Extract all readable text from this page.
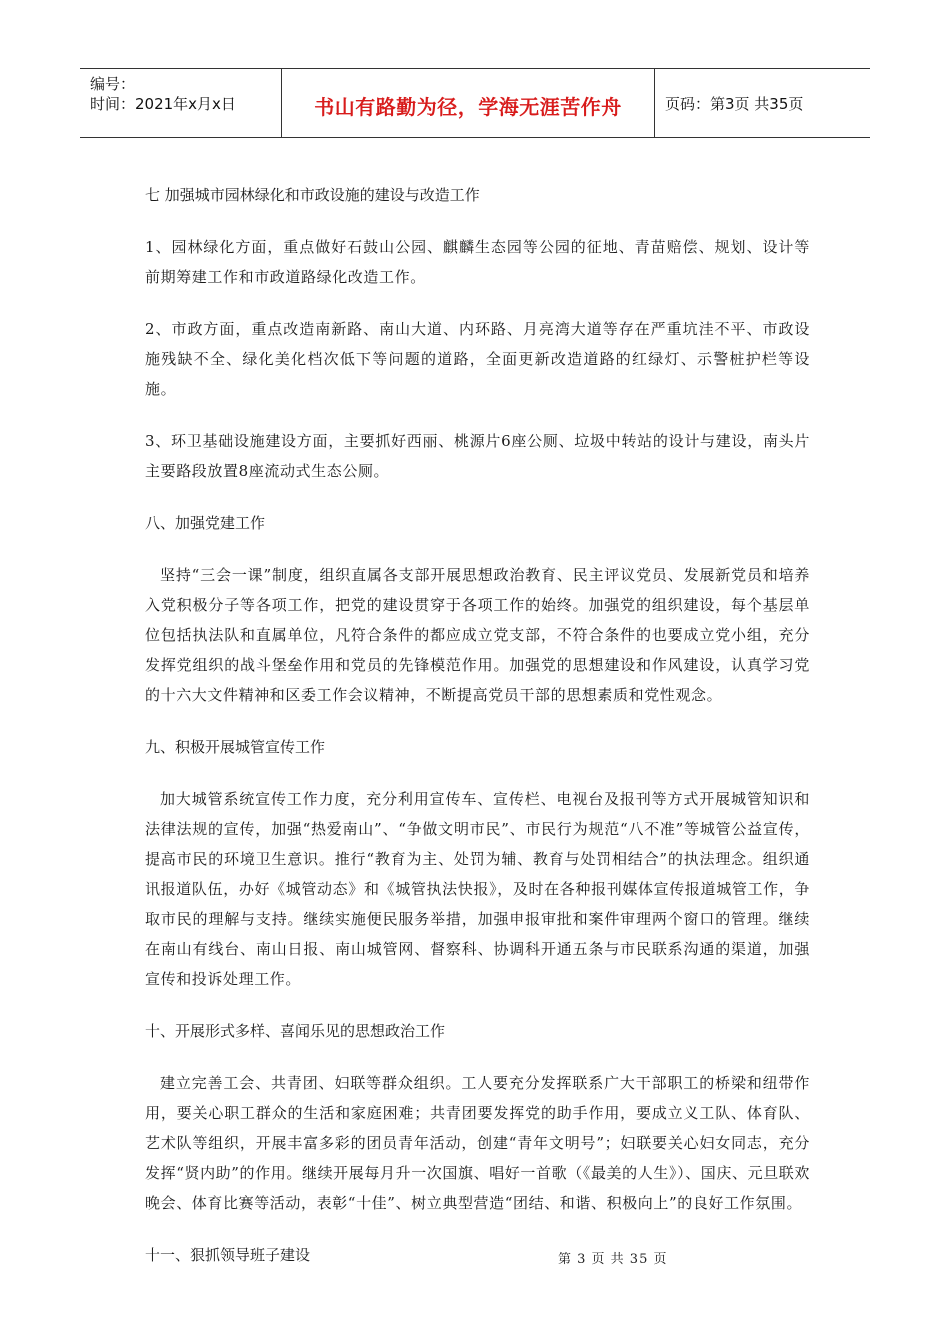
编号：
时间：2021年x月x日	书山有路勤为径，学海无涯苦作舟	页码：第3页 共35页
七 加强城市园林绿化和市政设施的建设与改造工作

1、园林绿化方面，重点做好石鼓山公园、麒麟生态园等公园的征地、青苗赔偿、规划、设计等前期筹建工作和市政道路绿化改造工作。

2、市政方面，重点改造南新路、南山大道、内环路、月亮湾大道等存在严重坑洼不平、市政设施残缺不全、绿化美化档次低下等问题的道路，全面更新改造道路的红绿灯、示警桩护栏等设施。

3、环卫基础设施建设方面，主要抓好西丽、桃源片6座公厕、垃圾中转站的设计与建设，南头片主要路段放置8座流动式生态公厕。

八、加强党建工作

坚持“三会一课”制度，组织直属各支部开展思想政治教育、民主评议党员、发展新党员和培养入党积极分子等各项工作，把党的建设贯穿于各项工作的始终。加强党的组织建设，每个基层单位包括执法队和直属单位，凡符合条件的都应成立党支部，不符合条件的也要成立党小组，充分发挥党组织的战斗堡垒作用和党员的先锋模范作用。加强党的思想建设和作风建设，认真学习党的十六大文件精神和区委工作会议精神，不断提高党员干部的思想素质和党性观念。

九、积极开展城管宣传工作

加大城管系统宣传工作力度，充分利用宣传车、宣传栏、电视台及报刊等方式开展城管知识和法律法规的宣传，加强“热爱南山”、“争做文明市民”、市民行为规范“八不准”等城管公益宣传，提高市民的环境卫生意识。推行“教育为主、处罚为辅、教育与处罚相结合”的执法理念。组织通讯报道队伍，办好《城管动态》和《城管执法快报》，及时在各种报刊媒体宣传报道城管工作，争取市民的理解与支持。继续实施便民服务举措，加强申报审批和案件审理两个窗口的管理。继续在南山有线台、南山日报、南山城管网、督察科、协调科开通五条与市民联系沟通的渠道，加强宣传和投诉处理工作。

十、开展形式多样、喜闻乐见的思想政治工作

建立完善工会、共青团、妇联等群众组织。工人要充分发挥联系广大干部职工的桥梁和纽带作用，要关心职工群众的生活和家庭困难；共青团要发挥党的助手作用，要成立义工队、体育队、艺术队等组织，开展丰富多彩的团员青年活动，创建“青年文明号”；妇联要关心妇女同志，充分发挥“贤内助”的作用。继续开展每月升一次国旗、唱好一首歌（《最美的人生》）、国庆、元旦联欢晚会、体育比赛等活动，表彰“十佳”、树立典型营造“团结、和谐、积极向上”的良好工作氛围。

十一、狠抓领导班子建设	第 3 页 共 35 页
